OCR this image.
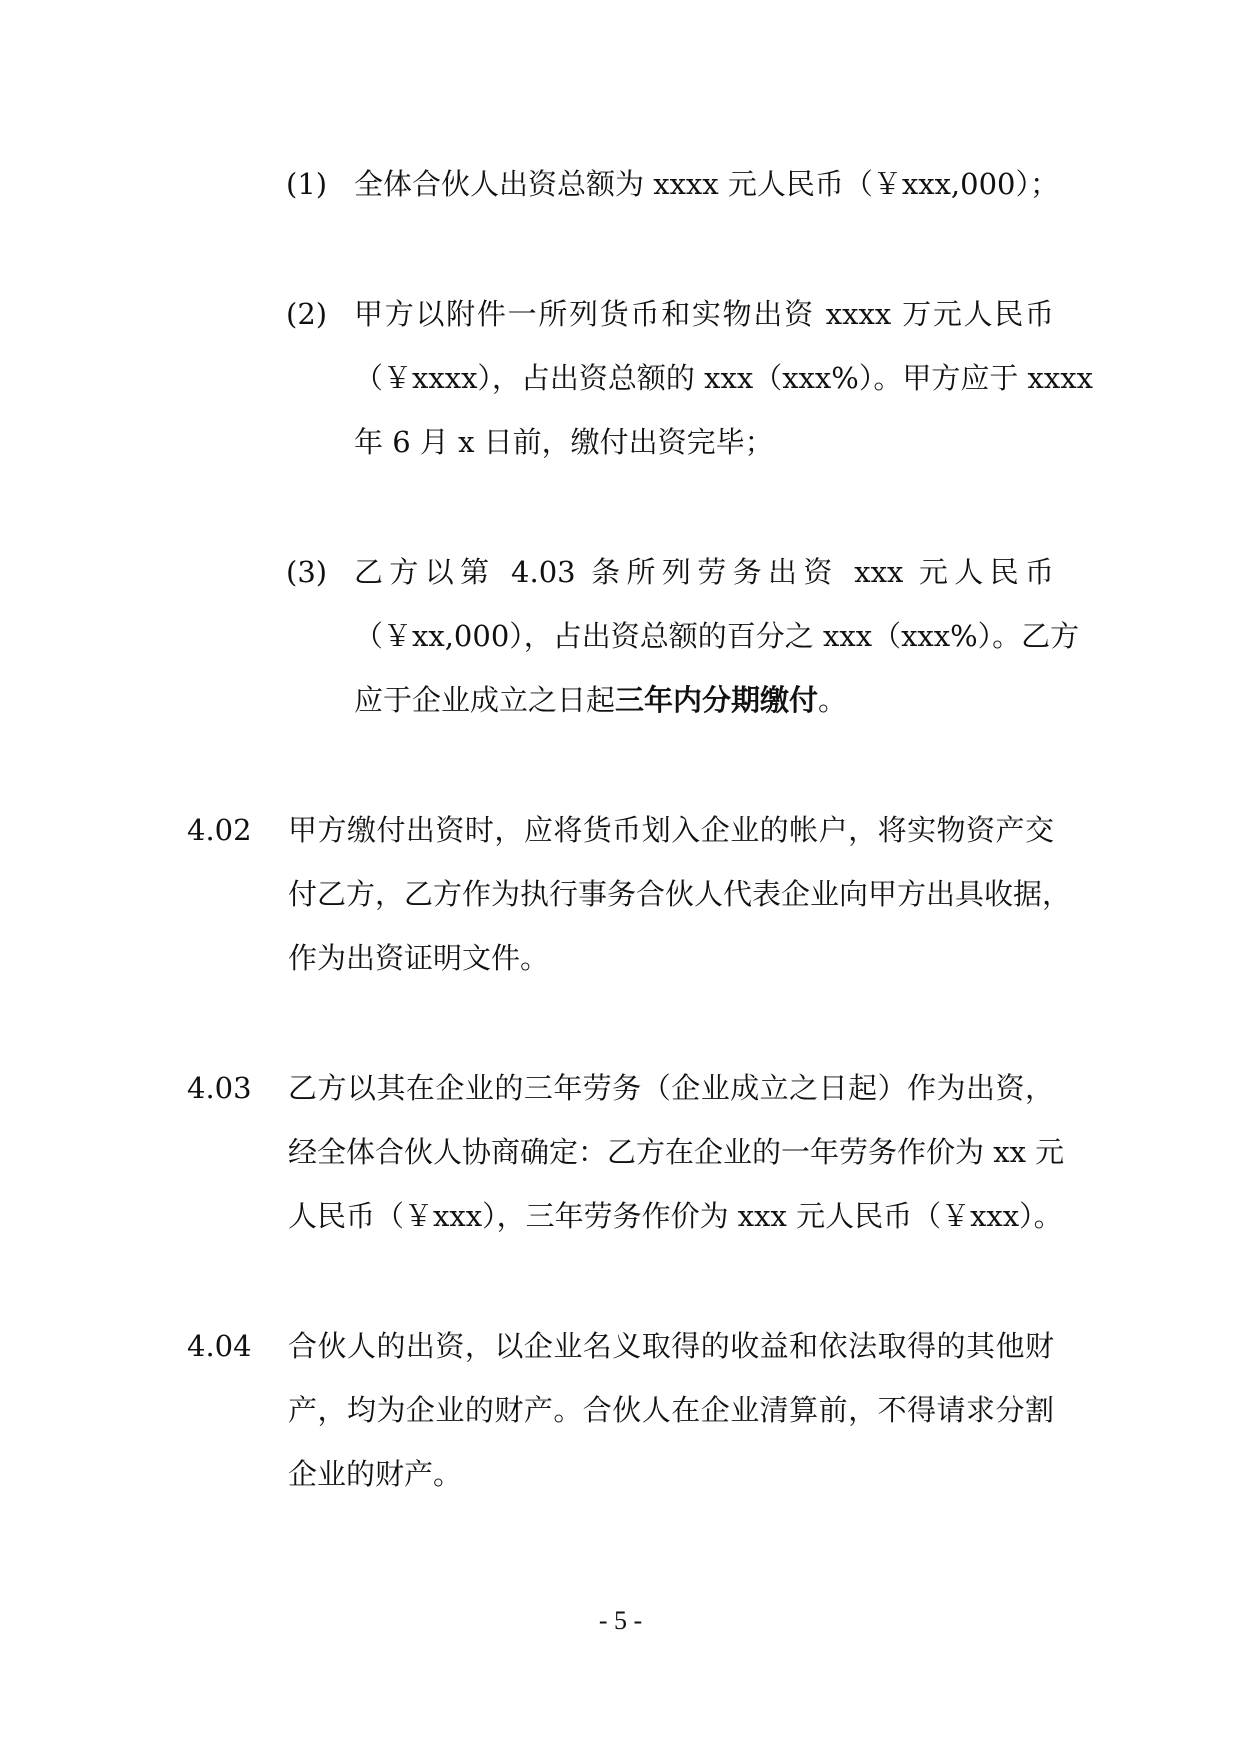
(1) 全体合伙人出资总额为 xxxx 元人民币（￥xxx,000）；
(2) 甲方以附件一所列货币和实物出资 xxxx 万元人民币
（￥xxxx），占出资总额的 xxx（xxx%）。甲方应于 xxxx
年 6 月 x 日前，缴付出资完毕；
(3) 乙方以第 4.03 条所列劳务出资 xxx 元人民币
（￥xx,000），占出资总额的百分之 xxx（xxx%）。乙方
应于企业成立之日起三年内分期缴付。
4.02 甲方缴付出资时，应将货币划入企业的帐户，将实物资产交
付乙方，乙方作为执行事务合伙人代表企业向甲方出具收据，
作为出资证明文件。
4.03 乙方以其在企业的三年劳务（企业成立之日起）作为出资，
经全体合伙人协商确定：乙方在企业的一年劳务作价为 xx 元
人民币（￥xxx），三年劳务作价为 xxx 元人民币（￥xxx）。
4.04 合伙人的出资，以企业名义取得的收益和依法取得的其他财
产，均为企业的财产。合伙人在企业清算前，不得请求分割
企业的财产。
- 5 -
